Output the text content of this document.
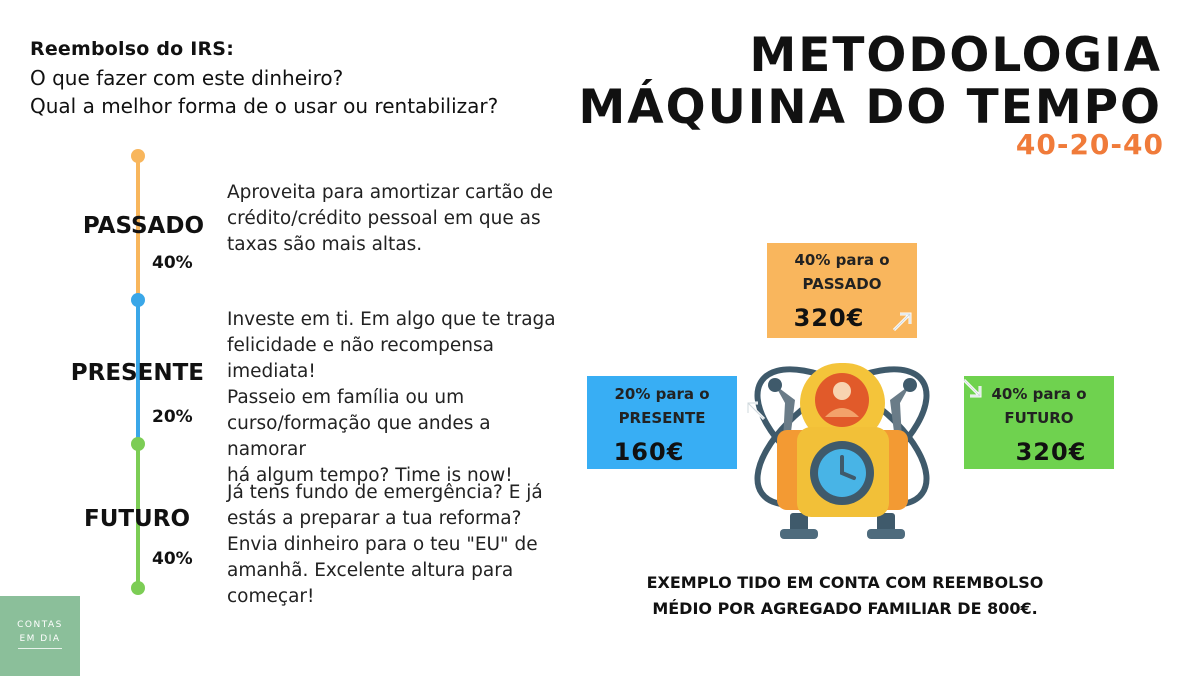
Reembolso do IRS:
O que fazer com este dinheiro?
Qual a melhor forma de o usar ou rentabilizar?
METODOLOGIA
MÁQUINA DO TEMPO
40-20-40
PASSADO
40%
Aproveita para amortizar cartão de
crédito/crédito pessoal em que as
taxas são mais altas.
PRESENTE
20%
Investe em ti. Em algo que te traga
felicidade e não recompensa imediata!
Passeio em família ou um
curso/formação que andes a namorar
há algum tempo? Time is now!
FUTURO
40%
Já tens fundo de emergência? E já
estás a preparar a tua reforma?
Envia dinheiro para o teu "EU" de
amanhã. Excelente altura para
começar!
40% para o
PASSADO
320€
20% para o
PRESENTE
160€
40% para o
FUTURO
320€
EXEMPLO TIDO EM CONTA COM REEMBOLSO
MÉDIO POR AGREGADO FAMILIAR DE 800€.
CONTAS
EM DIA
